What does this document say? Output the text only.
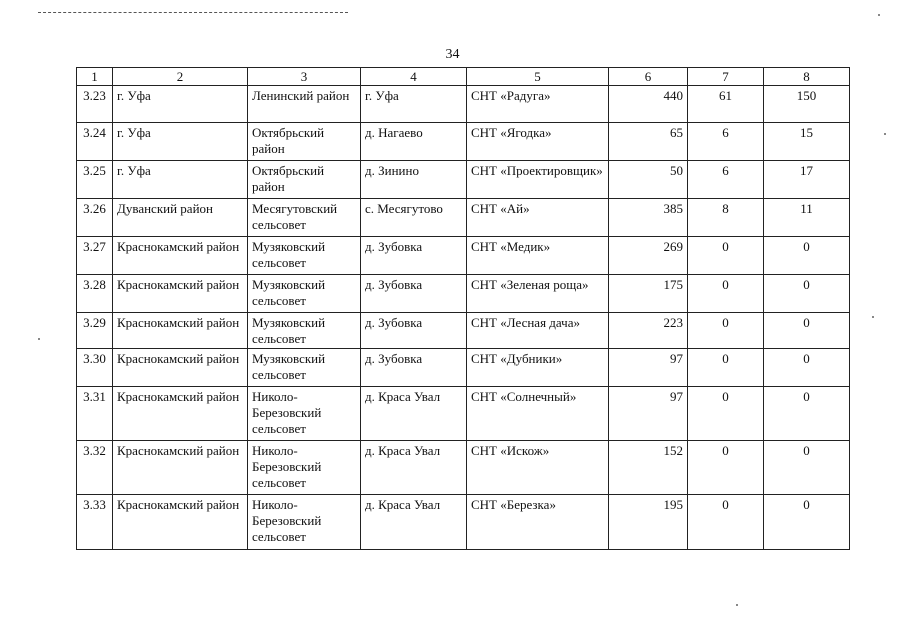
34
1	2	3	4	5	6	7	8
3.23	г. Уфа	Ленинский район	г. Уфа	СНТ «Радуга»	440	61	150
3.24	г. Уфа	Октябрьский район	д. Нагаево	СНТ «Ягодка»	65	6	15
3.25	г. Уфа	Октябрьский район	д. Зинино	СНТ «Проектировщик»	50	6	17
3.26	Дуванский район	Месягутовский сельсовет	с. Месягутово	СНТ «Ай»	385	8	11
3.27	Краснокамский район	Музяковский сельсовет	д. Зубовка	СНТ «Медик»	269	0	0
3.28	Краснокамский район	Музяковский сельсовет	д. Зубовка	СНТ «Зеленая роща»	175	0	0
3.29	Краснокамский район	Музяковский сельсовет	д. Зубовка	СНТ «Лесная дача»	223	0	0
3.30	Краснокамский район	Музяковский сельсовет	д. Зубовка	СНТ «Дубники»	97	0	0
3.31	Краснокамский район	Николо-Березовский сельсовет	д. Краса Увал	СНТ «Солнечный»	97	0	0
3.32	Краснокамский район	Николо-Березовский сельсовет	д. Краса Увал	СНТ «Искож»	152	0	0
3.33	Краснокамский район	Николо-Березовский сельсовет	д. Краса Увал	СНТ «Березка»	195	0	0
